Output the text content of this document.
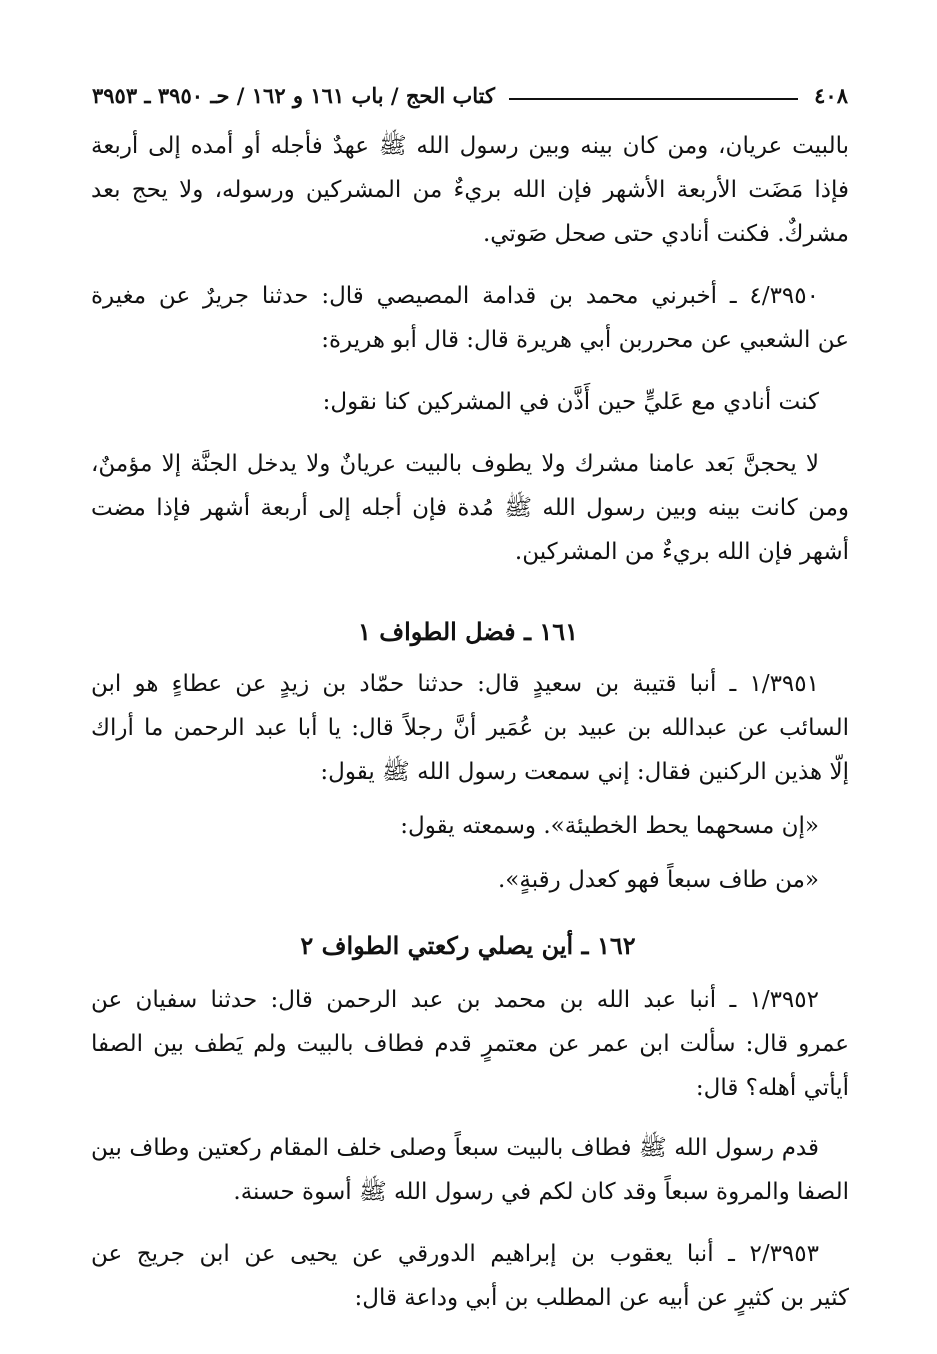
٤٠٨
كتاب الحج / باب ١٦١ و ١٦٢ / حـ ٣٩٥٠ ـ ٣٩٥٣
بالبيت عريان، ومن كان بينه وبين رسول الله ﷺ عهدٌ فأجله أو أمده إلى أربعة
فإذا مَضَت الأربعة الأشهر فإن الله بريءٌ من المشركين ورسوله، ولا يحج بعد
مشركٌ. فكنت أنادي حتى صحل صَوتي.
٤/٣٩٥٠ ـ أخبرني محمد بن قدامة المصيصي قال: حدثنا جريرٌ عن مغيرة
عن الشعبي عن محرربن أبي هريرة قال: قال أبو هريرة:
كنت أنادي مع عَليٍّ حين أَذَّن في المشركين كنا نقول:
لا يحجنَّ بَعد عامنا مشرك ولا يطوف بالبيت عريانٌ ولا يدخل الجنَّة إلا مؤمنٌ،
ومن كانت بينه وبين رسول الله ﷺ مُدة فإن أجله إلى أربعة أشهر فإذا مضت
أشهر فإن الله بريءٌ من المشركين.
١٦١ ـ فضل الطواف ١
١/٣٩٥١ ـ أنبا قتيبة بن سعيدٍ قال: حدثنا حمّاد بن زيدٍ عن عطاءٍ هو ابن
السائب عن عبدالله بن عبيد بن عُمَير أنَّ رجلاً قال: يا أبا عبد الرحمن ما أراك
إلّا هذين الركنين فقال: إني سمعت رسول الله ﷺ يقول:
«إن مسحهما يحط الخطيئة». وسمعته يقول:
«من طاف سبعاً فهو كعدل رقبةٍ».
١٦٢ ـ أين يصلي ركعتي الطواف ٢
١/٣٩٥٢ ـ أنبا عبد الله بن محمد بن عبد الرحمن قال: حدثنا سفيان عن
عمرو قال: سألت ابن عمر عن معتمرٍ قدم فطاف بالبيت ولم يَطف بين الصفا
أيأتي أهله؟ قال:
قدم رسول الله ﷺ فطاف بالبيت سبعاً وصلى خلف المقام ركعتين وطاف بين
الصفا والمروة سبعاً وقد كان لكم في رسول الله ﷺ أسوة حسنة.
٢/٣٩٥٣ ـ أنبا يعقوب بن إبراهيم الدورقي عن يحيى عن ابن جريج عن
كثير بن كثيرٍ عن أبيه عن المطلب بن أبي وداعة قال:
